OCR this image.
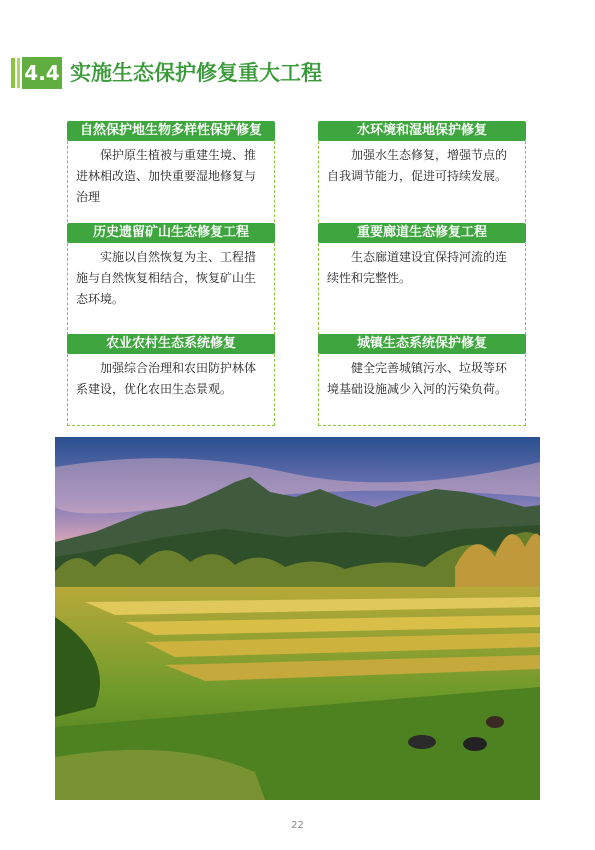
4.4 实施生态保护修复重大工程
自然保护地生物多样性保护修复
保护原生植被与重建生境、推进林相改造、加快重要湿地修复与治理
水环境和湿地保护修复
加强水生态修复，增强节点的自我调节能力，促进可持续发展。
历史遗留矿山生态修复工程
实施以自然恢复为主、工程措施与自然恢复相结合，恢复矿山生态环境。
重要廊道生态修复工程
生态廊道建设宜保持河流的连续性和完整性。
农业农村生态系统修复
加强综合治理和农田防护林体系建设，优化农田生态景观。
城镇生态系统保护修复
健全完善城镇污水、垃圾等环境基础设施减少入河的污染负荷。
22
